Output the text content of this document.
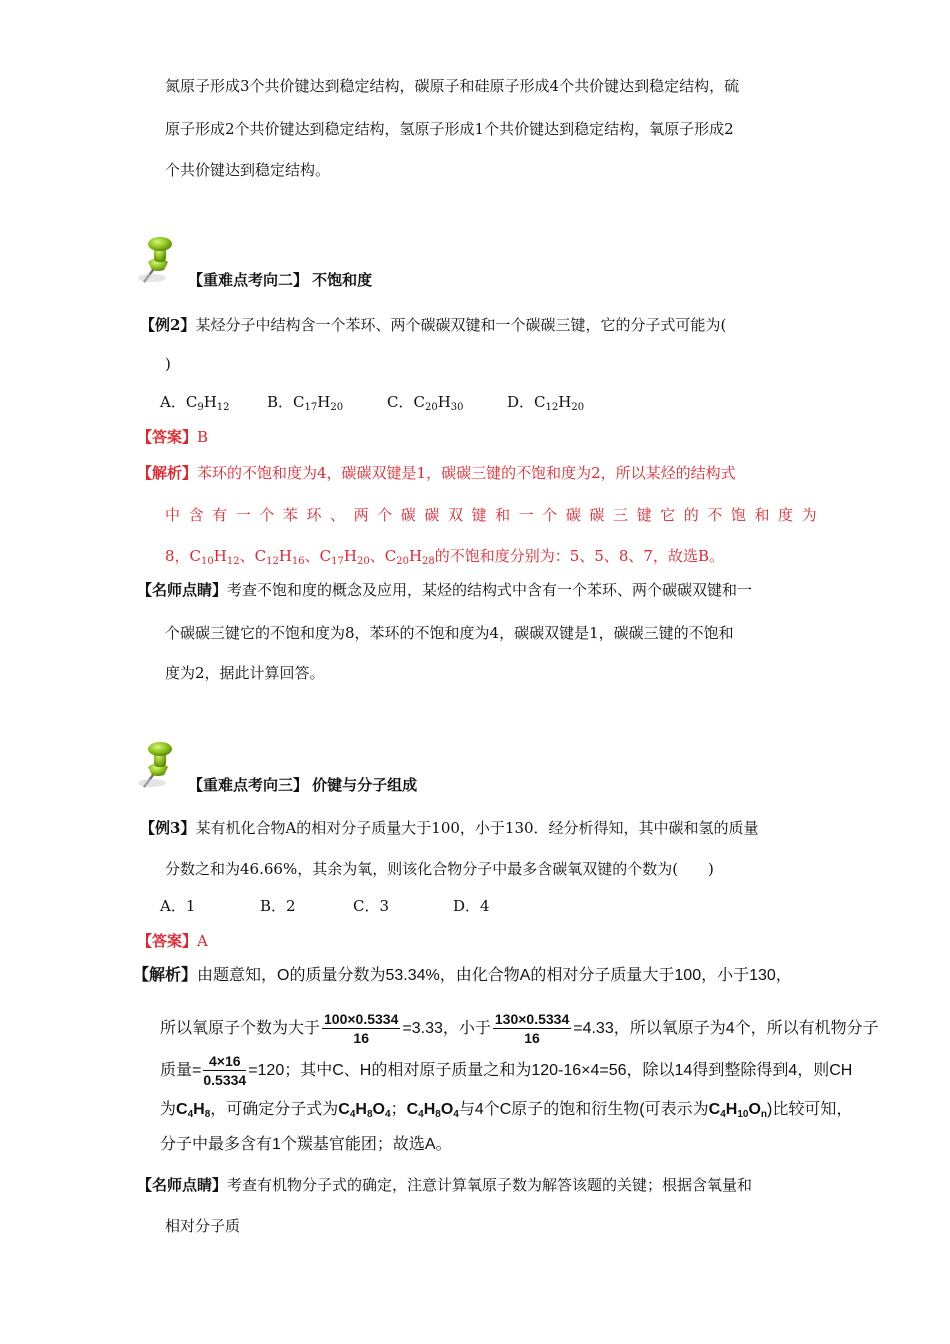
氮原子形成3个共价键达到稳定结构，碳原子和硅原子形成4个共价键达到稳定结构，硫
原子形成2个共价键达到稳定结构，氢原子形成1个共价键达到稳定结构，氧原子形成2
个共价键达到稳定结构。
【重难点考向二】 不饱和度
【例2】某烃分子中结构含一个苯环、两个碳碳双键和一个碳碳三键，它的分子式可能为(
)
A．$C_9H_{12}$ B．$C_{17}H_{20}$	C．$C_{20}H_{30}$	D．$C_{12}H_{20}$
【答案】B
【解析】苯环的不饱和度为4，碳碳双键是1，碳碳三键的不饱和度为2，所以某烃的结构式
中 含 有 一 个 苯 环 、 两 个 碳 碳 双 键 和 一 个 碳 碳 三 键 它 的 不 饱 和 度 为
8，$C_{10}H_{12}$、$C_{12}H_{16}$、$C_{17}H_{20}$、$C_{20}H_{28}$的不饱和度分别为：5、5、8、7，故选B。
【名师点睛】考查不饱和度的概念及应用，某烃的结构式中含有一个苯环、两个碳碳双键和一
个碳碳三键它的不饱和度为8，苯环的不饱和度为4，碳碳双键是1，碳碳三键的不饱和
度为2，据此计算回答。
【重难点考向三】 价键与分子组成
【例3】某有机化合物A的相对分子质量大于100，小于130．经分析得知，其中碳和氢的质量
分数之和为46.66%，其余为氧，则该化合物分子中最多含碳氧双键的个数为(　　)
A．1	B．2	C．3	D．4
【答案】A
【解析】由题意知，O的质量分数为53.34%，由化合物A的相对分子质量大于100，小于130，
所以氧原子个数为大于 $\frac{100\times 0.5334}{16} =3.33$，小于 $\frac{130\times 0.5334}{16} =4.33$，所以氧原子为4个，所以有机物分子
质量= $\frac{4\times 16}{0.5334} =120$；其中C、H的相对原子质量之和为120-16×4=56，除以14得到整除得到4，则CH
为$C_4H_8$，可确定分子式为$C_4H_8O_4$；$C_4H_8O_4$与4个C原子的饱和衍生物(可表示为$C_4H_{10}O_n$)比较可知，
分子中最多含有1个羰基官能团；故选A。
【名师点睛】考查有机物分子式的确定，注意计算氧原子数为解答该题的关键；根据含氧量和
相对分子质
